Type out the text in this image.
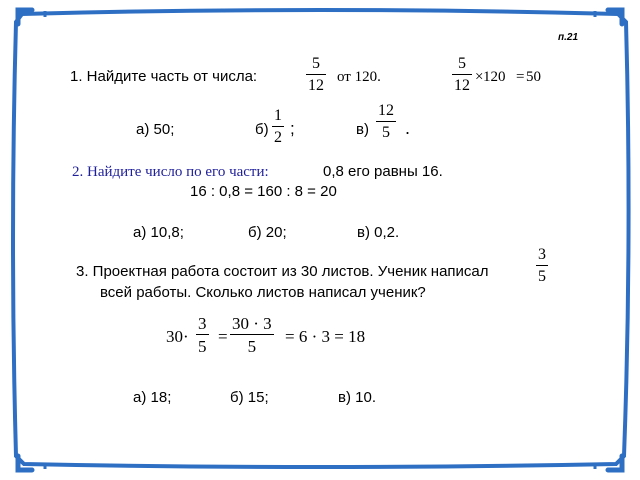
п.21
1. Найдите часть от числа:
5
12 от 120.
5
12 × 120 = 50
а) 50;	б)
1
2 ;	в)
12
5 .
2. Найдите число по его части:	0,8 его равны 16.
16 : 0,8 = 160 : 8 = 20
а) 10,8;	б) 20;	в) 0,2.
3. Проектная работа состоит из 30 листов. Ученик написал
3
5
всей работы. Сколько листов написал ученик?
30·
3
5
=
30 · 3
5
= 6 · 3 = 18
а) 18;	б) 15;	в) 10.
